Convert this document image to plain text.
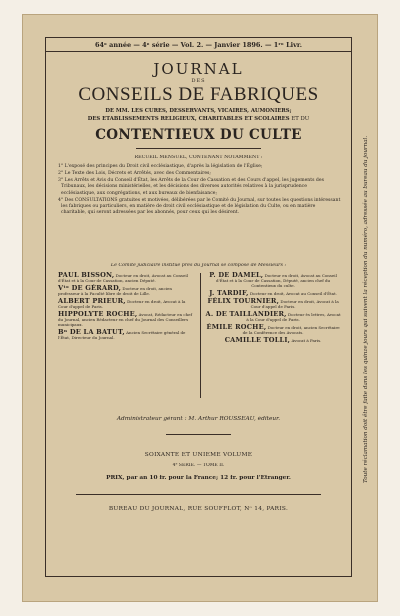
64ᵉ année — 4ᵉ série — Vol. 2. — Janvier 1896. — 1ʳᵉ Livr.
JOURNAL
DES
CONSEILS DE FABRIQUES
DE MM. LES CURÉS, DESSERVANTS, VICAIRES, AUMONIERS;
DES ÉTABLISSEMENTS RELIGIEUX, CHARITABLES ET SCOLAIRES ET DU
CONTENTIEUX DU CULTE
RECUEIL MENSUEL, CONTENANT NOTAMMENT :
1° L'exposé des principes du Droit civil ecclésiastique, d'après la législation de l'Église;
2° Le Texte des Lois, Décrets et Arrêtés, avec des Commentaires;
3° Les Arrêts et Avis du Conseil d'État, les Arrêts de la Cour de Cassation et des Cours d'appel, les jugements des Tribunaux, les décisions ministérielles, et les décisions des diverses autorités relatives à la jurisprudence ecclésiastique, aux congrégations, et aux bureaux de bienfaisance;
4° Des CONSULTATIONS gratuites et motivées, délibérées par le Comité du Journal, sur toutes les questions intéressant les fabriques ou particuliers, en matière de droit civil ecclésiastique et de législation du Culte, ou en matière charitable, qui seront adressées par les abonnés, pour ceux qui les désirent.
Le Comité judiciaire institué près du Journal se compose de Messieurs :
PAUL BISSON, Docteur en droit, Avocat au Conseil d'État et à la Cour de Cassation, ancien Député.
Vᵗᵉ DE GÉRARD, Docteur en droit, ancien professeur à la Faculté libre de droit de Lille.
ALBERT PRIEUR, Docteur en droit, Avocat à la Cour d'appel de Paris.
HIPPOLYTE ROCHE, Avocat, Rédacteur en chef du Journal, ancien Rédacteur en chef du Journal des Conseillers municipaux.
Bⁿ DE LA BATUT, Ancien Secrétaire général de l'État, Directeur du Journal.
P. DE DAMEL, Docteur en droit, Avocat au Conseil d'État et à la Cour de Cassation, Député, ancien chef du Contentieux du culte.
J. TARDIF, Docteur en droit, Avocat au Conseil d'État.
FÉLIX TOURNIER, Docteur en droit, Avocat à la Cour d'appel de Paris.
A. DE TAILLANDIER, Docteur ès lettres, Avocat à la Cour d'appel de Paris.
ÉMILE ROCHE, Docteur en droit, ancien Secrétaire de la Conférence des Avocats.
CAMILLE TOLLI, Avocat à Paris.
Administrateur gérant : M. Arthur ROUSSEAU, éditeur.
SOIXANTE ET UNIÈME VOLUME
4ᵉ SÉRIE. — TOME II.
PRIX, par an 10 fr. pour la France; 12 fr. pour l'Étranger.
BUREAU DU JOURNAL, RUE SOUFFLOT, Nᵒ 14, PARIS.
Toute réclamation doit être faite dans les quinze jours qui suivent la réception du numéro, adressée au bureau du journal.
